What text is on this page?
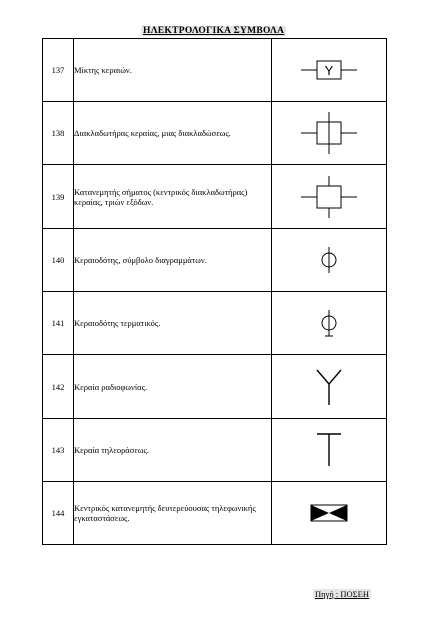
ΗΛΕΚΤΡΟΛΟΓΙΚΑ ΣΥΜΒΟΛΑ
137	Μίκτης κεραιών.	Y

138	Διακλαδωτήρας κεραίας, μιας διακλαδώσεως.	

139	Κατανεμητής σήματος (κεντρικός διακλαδωτήρας) κεραίας, τριών εξόδων.	

140	Κεραιοδότης, σύμβολο διαγραμμάτων.	

141	Κεραιοδότης τερματικός.	

142	Κεραία ραδιοφωνίας.	

143	Κεραία τηλεοράσεως.	

144	Κεντρικός κατανεμητής δευτερεύουσας τηλεφωνικής εγκαταστάσεως.	
Πηγή : ΠΟΣΕΗ
